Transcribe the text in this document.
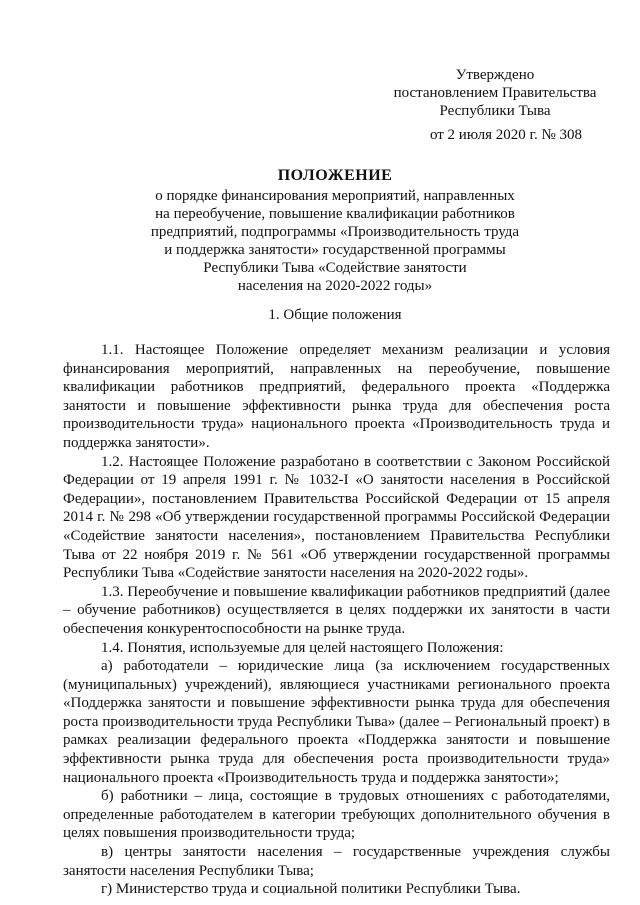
Утверждено
постановлением Правительства
Республики Тыва
от 2 июля 2020 г. № 308
ПОЛОЖЕНИЕ
о порядке финансирования мероприятий, направленных
на переобучение, повышение квалификации работников
предприятий, подпрограммы «Производительность труда
и поддержка занятости» государственной программы
Республики Тыва «Содействие занятости
населения на 2020-2022 годы»
1. Общие положения

1.1. Настоящее Положение определяет механизм реализации и условия финансирования мероприятий, направленных на переобучение, повышение квалификации работников предприятий, федерального проекта «Поддержка занятости и повышение эффективности рынка труда для обеспечения роста производительности труда» национального проекта «Производительность труда и поддержка занятости».

1.2. Настоящее Положение разработано в соответствии с Законом Российской Федерации от 19 апреля 1991 г. № 1032-I «О занятости населения в Российской Федерации», постановлением Правительства Российской Федерации от 15 апреля 2014 г. № 298 «Об утверждении государственной программы Российской Федерации «Содействие занятости населения», постановлением Правительства Республики Тыва от 22 ноября 2019 г. № 561 «Об утверждении государственной программы Республики Тыва «Содействие занятости населения на 2020-2022 годы».

1.3. Переобучение и повышение квалификации работников предприятий (далее – обучение работников) осуществляется в целях поддержки их занятости в части обеспечения конкурентоспособности на рынке труда.

1.4. Понятия, используемые для целей настоящего Положения:

а) работодатели – юридические лица (за исключением государственных (муниципальных) учреждений), являющиеся участниками регионального проекта «Поддержка занятости и повышение эффективности рынка труда для обеспечения роста производительности труда Республики Тыва» (далее – Региональный проект) в рамках реализации федерального проекта «Поддержка занятости и повышение эффективности рынка труда для обеспечения роста производительности труда» национального проекта «Производительность труда и поддержка занятости»;

б) работники – лица, состоящие в трудовых отношениях с работодателями, определенные работодателем в категории требующих дополнительного обучения в целях повышения производительности труда;

в) центры занятости населения – государственные учреждения службы занятости населения Республики Тыва;

г) Министерство труда и социальной политики Республики Тыва.
